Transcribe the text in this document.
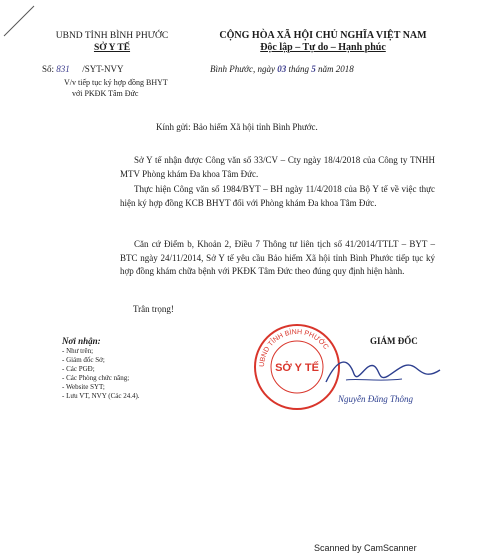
UBND TỈNH BÌNH PHƯỚC
SỞ Y TẾ
Số: 831 /SYT-NVY
V/v tiếp tục ký hợp đồng BHYT
với PKĐK Tâm Đức
CỘNG HÒA XÃ HỘI CHỦ NGHĨA VIỆT NAM
Độc lập – Tự do – Hạnh phúc
Bình Phước, ngày 03 tháng 5 năm 2018
Kính gửi: Bảo hiểm Xã hội tỉnh Bình Phước.
Sở Y tế nhận được Công văn số 33/CV – Cty ngày 18/4/2018 của Công ty TNHH MTV Phòng khám Đa khoa Tâm Đức.
Thực hiện Công văn số 1984/BYT – BH ngày 11/4/2018 của Bộ Y tế về việc thực hiện ký hợp đồng KCB BHYT đối với Phòng khám Đa khoa Tâm Đức.
Căn cứ Điểm b, Khoản 2, Điều 7 Thông tư liên tịch số 41/2014/TTLT – BYT – BTC ngày 24/11/2014, Sở Y tế yêu cầu Bảo hiểm Xã hội tỉnh Bình Phước tiếp tục ký hợp đồng khám chữa bệnh với PKĐK Tâm Đức theo đúng quy định hiện hành.
Trân trọng!
Nơi nhận:
- Như trên;
- Giám đốc Sở;
- Các PGĐ;
- Các Phòng chức năng;
- Website SYT;
- Lưu VT, NVY (Các 24.4).
GIÁM ĐỐC
UBND TỈNH BÌNH PHƯỚC
SỞ Y TẾ
Nguyễn Đăng Thông
Scanned by CamScanner
